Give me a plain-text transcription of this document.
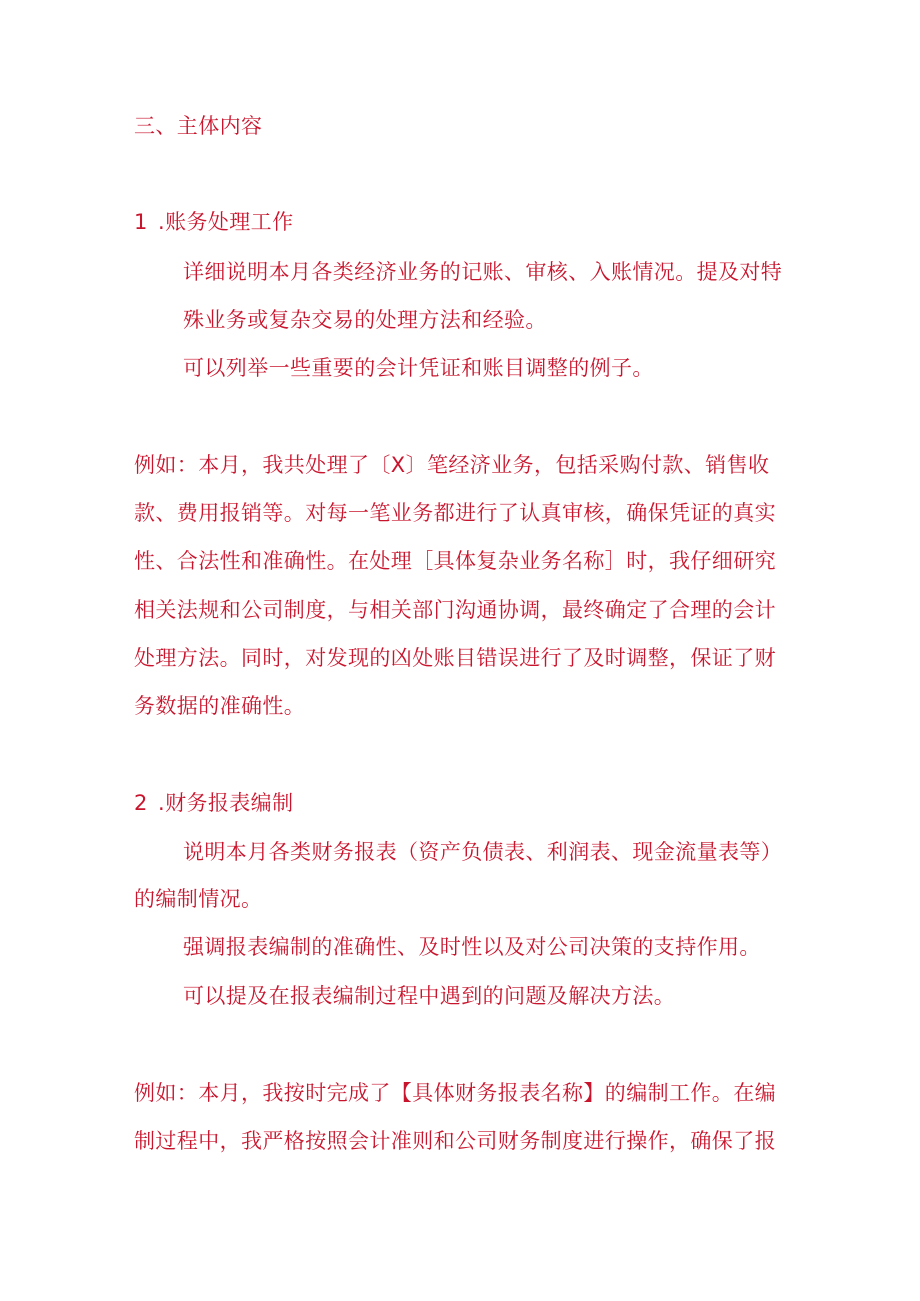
三、主体内容
1 .账务处理工作
详细说明本月各类经济业务的记账、审核、入账情况。提及对特
殊业务或复杂交易的处理方法和经验。
可以列举一些重要的会计凭证和账目调整的例子。
例如：本月，我共处理了〔X〕笔经济业务，包括采购付款、销售收
款、费用报销等。对每一笔业务都进行了认真审核，确保凭证的真实
性、合法性和准确性。在处理［具体复杂业务名称］时，我仔细研究
相关法规和公司制度，与相关部门沟通协调，最终确定了合理的会计
处理方法。同时，对发现的凶处账目错误进行了及时调整，保证了财
务数据的准确性。
2 .财务报表编制
说明本月各类财务报表（资产负债表、利润表、现金流量表等）
的编制情况。
强调报表编制的准确性、及时性以及对公司决策的支持作用。
可以提及在报表编制过程中遇到的问题及解决方法。
例如：本月，我按时完成了【具体财务报表名称】的编制工作。在编
制过程中，我严格按照会计准则和公司财务制度进行操作，确保了报
